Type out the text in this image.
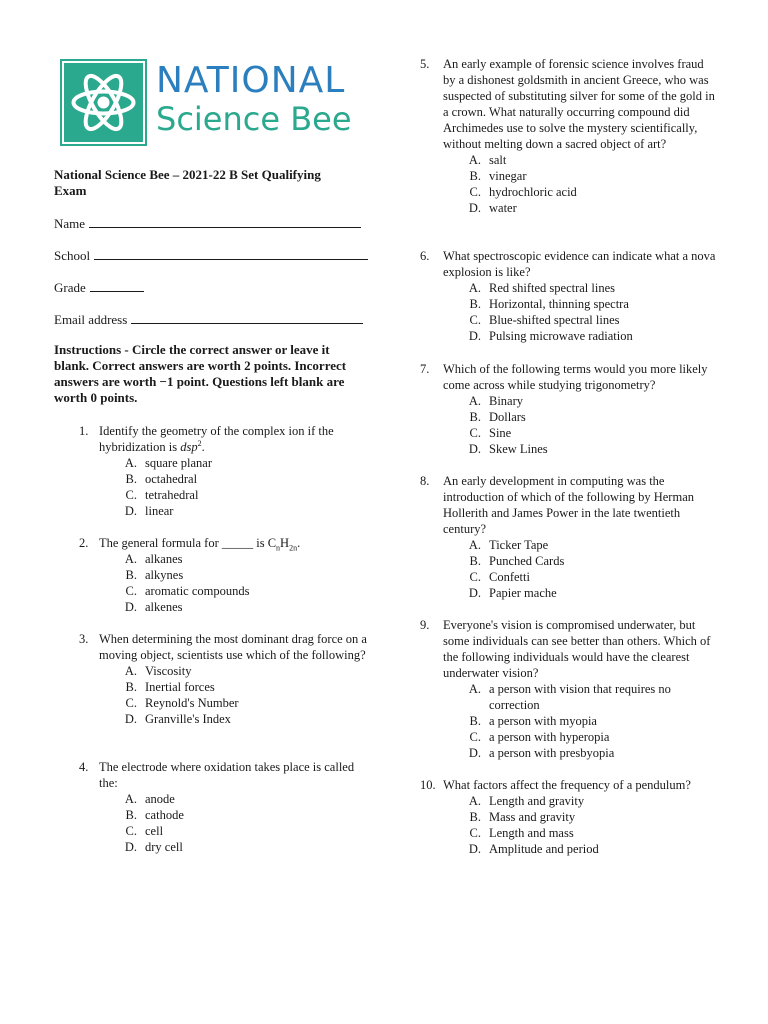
NATIONAL
Science Bee
National Science Bee – 2021-22 B Set Qualifying Exam
Name
School
Grade
Email address
Instructions - Circle the correct answer or leave it blank. Correct answers are worth 2 points. Incorrect answers are worth −1 point. Questions left blank are worth 0 points.
1. Identify the geometry of the complex ion if the hybridization is dsp$^2$.
A. square planar
B. octahedral
C. tetrahedral
D. linear
2. The general formula for _____ is $C_nH_{2n}$.
A. alkanes
B. alkynes
C. aromatic compounds
D. alkenes
3. When determining the most dominant drag force on a moving object, scientists use which of the following?
A. Viscosity
B. Inertial forces
C. Reynold's Number
D. Granville's Index
4. The electrode where oxidation takes place is called the:
A. anode
B. cathode
C. cell
D. dry cell
5.	An early example of forensic science involves fraud by a dishonest goldsmith in ancient Greece, who was suspected of substituting silver for some of the gold in a crown. What naturally occurring compound did Archimedes use to solve the mystery scientifically, without melting down a sacred object of art?
A. salt
B. vinegar
C. hydrochloric acid
D. water
6.	What spectroscopic evidence can indicate what a nova explosion is like?
A. Red shifted spectral lines
B. Horizontal, thinning spectra
C. Blue-shifted spectral lines
D. Pulsing microwave radiation
7.	Which of the following terms would you more likely come across while studying trigonometry?
A. Binary
B. Dollars
C. Sine
D. Skew Lines
8.	An early development in computing was the introduction of which of the following by Herman Hollerith and James Power in the late twentieth century?
A. Ticker Tape
B. Punched Cards
C. Confetti
D. Papier mache
9.	Everyone's vision is compromised underwater, but some individuals can see better than others. Which of the following individuals would have the clearest underwater vision?
A. a person with vision that requires no correction
B. a person with myopia
C. a person with hyperopia
D. a person with presbyopia
10. What factors affect the frequency of a pendulum?
A. Length and gravity
B. Mass and gravity
C. Length and mass
D. Amplitude and period
